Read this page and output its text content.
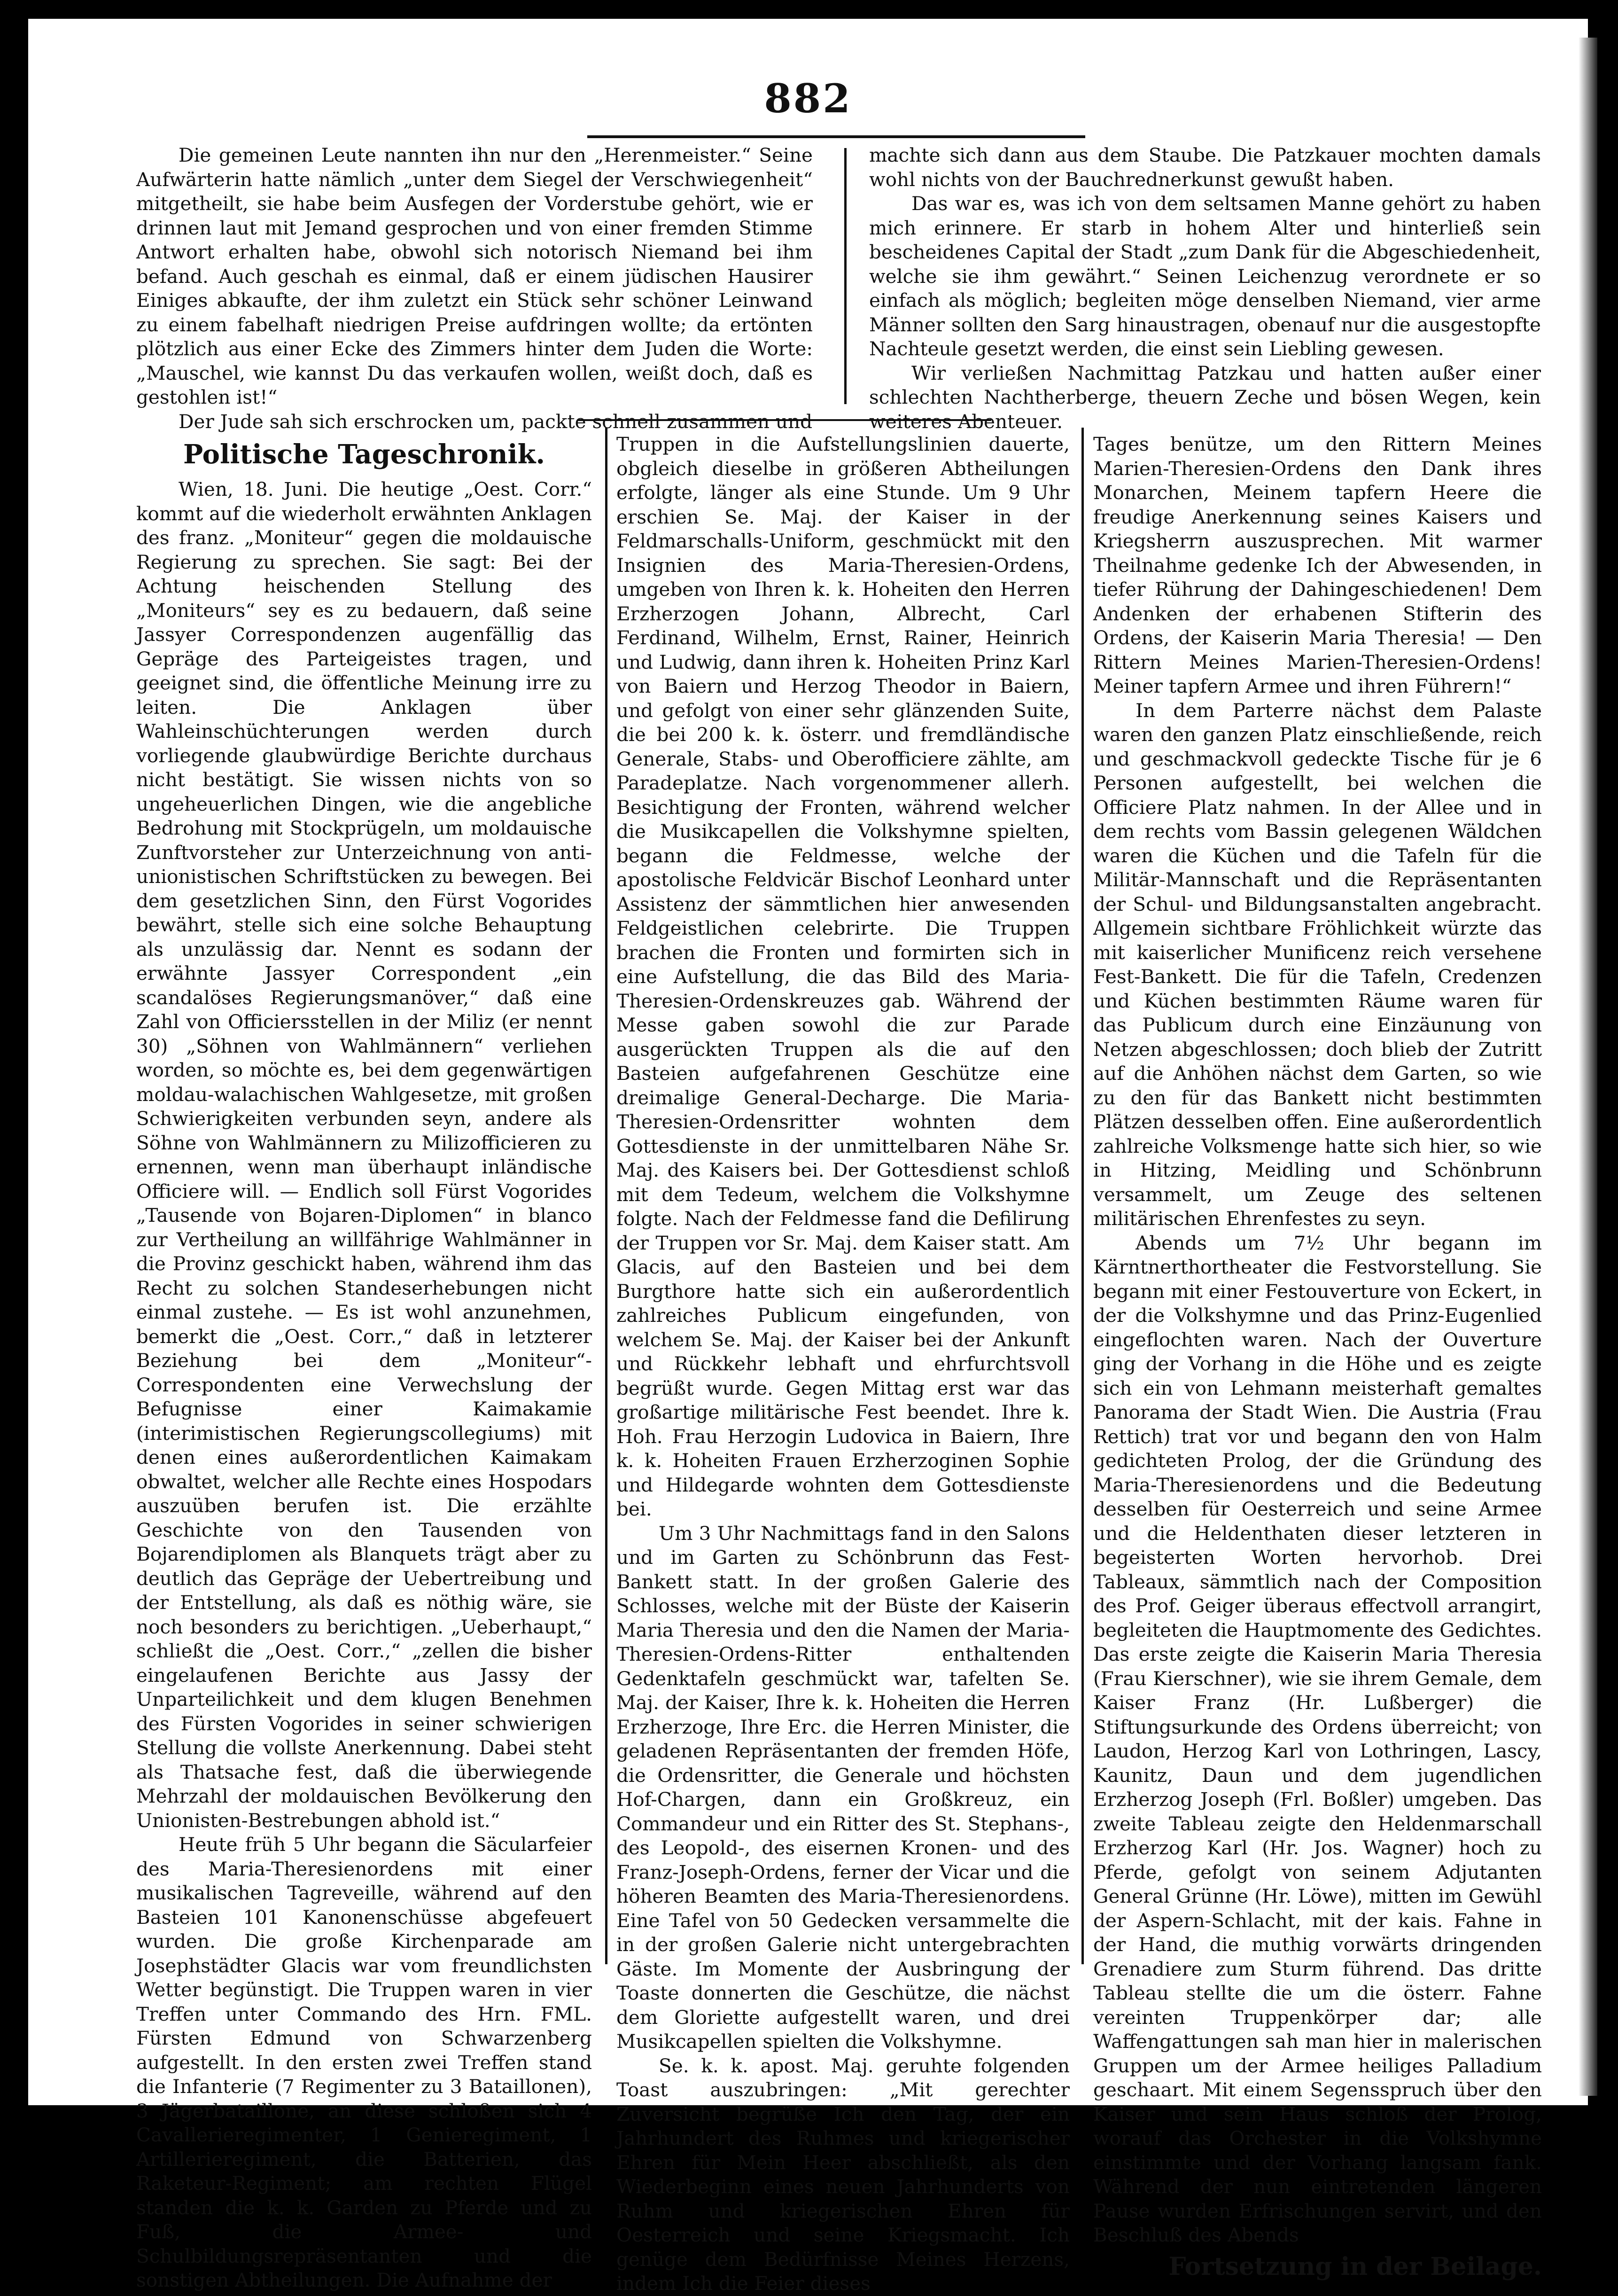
882

Die gemeinen Leute nannten ihn nur den „Herenmeister.“ Seine Aufwärterin hatte nämlich „unter dem Siegel der Verschwiegenheit“ mitgetheilt, sie habe beim Ausfegen der Vorderstube gehört, wie er drinnen laut mit Jemand gesprochen und von einer fremden Stimme Antwort erhalten habe, obwohl sich notorisch Niemand bei ihm befand. Auch geschah es einmal, daß er einem jüdischen Hausirer Einiges abkaufte, der ihm zuletzt ein Stück sehr schöner Leinwand zu einem fabelhaft niedrigen Preise aufdringen wollte; da ertönten plötzlich aus einer Ecke des Zimmers hinter dem Juden die Worte: „Mauschel, wie kannst Du das verkaufen wollen, weißt doch, daß es gestohlen ist!“

Der Jude sah sich erschrocken um, packte schnell zusammen und

machte sich dann aus dem Staube. Die Patzkauer mochten damals wohl nichts von der Bauchrednerkunst gewußt haben.

Das war es, was ich von dem seltsamen Manne gehört zu haben mich erinnere. Er starb in hohem Alter und hinterließ sein bescheidenes Capital der Stadt „zum Dank für die Abgeschiedenheit, welche sie ihm gewährt.“ Seinen Leichenzug verordnete er so einfach als möglich; begleiten möge denselben Niemand, vier arme Männer sollten den Sarg hinaustragen, obenauf nur die ausgestopfte Nachteule gesetzt werden, die einst sein Liebling gewesen.

Wir verließen Nachmittag Patzkau und hatten außer einer schlechten Nachtherberge, theuern Zeche und bösen Wegen, kein weiteres Abenteuer.

Politische Tageschronik.

Wien, 18. Juni. Die heutige „Oest. Corr.“ kommt auf die wiederholt erwähnten Anklagen des franz. „Moniteur“ gegen die moldauische Regierung zu sprechen. Sie sagt: Bei der Achtung heischenden Stellung des „Moniteurs“ sey es zu bedauern, daß seine Jassyer Correspondenzen augenfällig das Gepräge des Parteigeistes tragen, und geeignet sind, die öffentliche Meinung irre zu leiten. Die Anklagen über Wahleinschüchterungen werden durch vorliegende glaubwürdige Berichte durchaus nicht bestätigt. Sie wissen nichts von so ungeheuerlichen Dingen, wie die angebliche Bedrohung mit Stockprügeln, um moldauische Zunftvorsteher zur Unterzeichnung von anti-unionistischen Schriftstücken zu bewegen. Bei dem gesetzlichen Sinn, den Fürst Vogorides bewährt, stelle sich eine solche Behauptung als unzulässig dar. Nennt es sodann der erwähnte Jassyer Correspondent „ein scandalöses Regierungsmanöver,“ daß eine Zahl von Officiersstellen in der Miliz (er nennt 30) „Söhnen von Wahlmännern“ verliehen worden, so möchte es, bei dem gegenwärtigen moldau-walachischen Wahlgesetze, mit großen Schwierigkeiten verbunden seyn, andere als Söhne von Wahlmännern zu Milizofficieren zu ernennen, wenn man überhaupt inländische Officiere will. — Endlich soll Fürst Vogorides „Tausende von Bojaren-Diplomen“ in blanco zur Vertheilung an willfährige Wahlmänner in die Provinz geschickt haben, während ihm das Recht zu solchen Standeserhebungen nicht einmal zustehe. — Es ist wohl anzunehmen, bemerkt die „Oest. Corr.,“ daß in letzterer Beziehung bei dem „Moniteur“-Correspondenten eine Verwechslung der Befugnisse einer Kaimakamie (interimistischen Regierungscollegiums) mit denen eines außerordentlichen Kaimakam obwaltet, welcher alle Rechte eines Hospodars auszuüben berufen ist. Die erzählte Geschichte von den Tausenden von Bojarendiplomen als Blanquets trägt aber zu deutlich das Gepräge der Uebertreibung und der Entstellung, als daß es nöthig wäre, sie noch besonders zu berichtigen. „Ueberhaupt,“ schließt die „Oest. Corr.,“ „zellen die bisher eingelaufenen Berichte aus Jassy der Unparteilichkeit und dem klugen Benehmen des Fürsten Vogorides in seiner schwierigen Stellung die vollste Anerkennung. Dabei steht als Thatsache fest, daß die überwiegende Mehrzahl der moldauischen Bevölkerung den Unionisten-Bestrebungen abhold ist.“

Heute früh 5 Uhr begann die Säcularfeier des Maria-Theresienordens mit einer musikalischen Tagreveille, während auf den Basteien 101 Kanonenschüsse abgefeuert wurden. Die große Kirchenparade am Josephstädter Glacis war vom freundlichsten Wetter begünstigt. Die Truppen waren in vier Treffen unter Commando des Hrn. FML. Fürsten Edmund von Schwarzenberg aufgestellt. In den ersten zwei Treffen stand die Infanterie (7 Regimenter zu 3 Bataillonen), 3 Jägerbataillone, an diese schloßen sich 4 Cavallerieregimenter, 1 Genieregiment, 1 Artillerieregiment, die Batterien, das Raketeur-Regiment; am rechten Flügel standen die k. k. Garden zu Pferde und zu Fuß, die Armee- und Schulbildungsrepräsentanten und die sonstigen Abtheilungen. Die Aufnahme der

Truppen in die Aufstellungslinien dauerte, obgleich dieselbe in größeren Abtheilungen erfolgte, länger als eine Stunde. Um 9 Uhr erschien Se. Maj. der Kaiser in der Feldmarschalls-Uniform, geschmückt mit den Insignien des Maria-Theresien-Ordens, umgeben von Ihren k. k. Hoheiten den Herren Erzherzogen Johann, Albrecht, Carl Ferdinand, Wilhelm, Ernst, Rainer, Heinrich und Ludwig, dann ihren k. Hoheiten Prinz Karl von Baiern und Herzog Theodor in Baiern, und gefolgt von einer sehr glänzenden Suite, die bei 200 k. k. österr. und fremdländische Generale, Stabs- und Oberofficiere zählte, am Paradeplatze. Nach vorgenommener allerh. Besichtigung der Fronten, während welcher die Musikcapellen die Volkshymne spielten, begann die Feldmesse, welche der apostolische Feldvicär Bischof Leonhard unter Assistenz der sämmtlichen hier anwesenden Feldgeistlichen celebrirte. Die Truppen brachen die Fronten und formirten sich in eine Aufstellung, die das Bild des Maria-Theresien-Ordenskreuzes gab. Während der Messe gaben sowohl die zur Parade ausgerückten Truppen als die auf den Basteien aufgefahrenen Geschütze eine dreimalige General-Decharge. Die Maria-Theresien-Ordensritter wohnten dem Gottesdienste in der unmittelbaren Nähe Sr. Maj. des Kaisers bei. Der Gottesdienst schloß mit dem Tedeum, welchem die Volkshymne folgte. Nach der Feldmesse fand die Defilirung der Truppen vor Sr. Maj. dem Kaiser statt. Am Glacis, auf den Basteien und bei dem Burgthore hatte sich ein außerordentlich zahlreiches Publicum eingefunden, von welchem Se. Maj. der Kaiser bei der Ankunft und Rückkehr lebhaft und ehrfurchtsvoll begrüßt wurde. Gegen Mittag erst war das großartige militärische Fest beendet. Ihre k. Hoh. Frau Herzogin Ludovica in Baiern, Ihre k. k. Hoheiten Frauen Erzherzoginen Sophie und Hildegarde wohnten dem Gottesdienste bei.

Um 3 Uhr Nachmittags fand in den Salons und im Garten zu Schönbrunn das Fest-Bankett statt. In der großen Galerie des Schlosses, welche mit der Büste der Kaiserin Maria Theresia und den die Namen der Maria-Theresien-Ordens-Ritter enthaltenden Gedenktafeln geschmückt war, tafelten Se. Maj. der Kaiser, Ihre k. k. Hoheiten die Herren Erzherzoge, Ihre Erc. die Herren Minister, die geladenen Repräsentanten der fremden Höfe, die Ordensritter, die Generale und höchsten Hof-Chargen, dann ein Großkreuz, ein Commandeur und ein Ritter des St. Stephans-, des Leopold-, des eisernen Kronen- und des Franz-Joseph-Ordens, ferner der Vicar und die höheren Beamten des Maria-Theresienordens. Eine Tafel von 50 Gedecken versammelte die in der großen Galerie nicht untergebrachten Gäste. Im Momente der Ausbringung der Toaste donnerten die Geschütze, die nächst dem Gloriette aufgestellt waren, und drei Musikcapellen spielten die Volkshymne.

Se. k. k. apost. Maj. geruhte folgenden Toast auszubringen: „Mit gerechter Zuversicht begrüße Ich den Tag, der ein Jahrhundert des Ruhmes und kriegerischer Ehren für Mein Heer abschließt, als den Wiederbeginn eines neuen Jahrhunderts von Ruhm und kriegerischen Ehren für Oesterreich und seine Kriegsmacht. Ich genüge dem Bedürfnisse Meines Herzens, indem Ich die Feier dieses

Tages benütze, um den Rittern Meines Marien-Theresien-Ordens den Dank ihres Monarchen, Meinem tapfern Heere die freudige Anerkennung seines Kaisers und Kriegsherrn auszusprechen. Mit warmer Theilnahme gedenke Ich der Abwesenden, in tiefer Rührung der Dahingeschiedenen! Dem Andenken der erhabenen Stifterin des Ordens, der Kaiserin Maria Theresia! — Den Rittern Meines Marien-Theresien-Ordens! Meiner tapfern Armee und ihren Führern!“

In dem Parterre nächst dem Palaste waren den ganzen Platz einschließende, reich und geschmackvoll gedeckte Tische für je 6 Personen aufgestellt, bei welchen die Officiere Platz nahmen. In der Allee und in dem rechts vom Bassin gelegenen Wäldchen waren die Küchen und die Tafeln für die Militär-Mannschaft und die Repräsentanten der Schul- und Bildungsanstalten angebracht. Allgemein sichtbare Fröhlichkeit würzte das mit kaiserlicher Munificenz reich versehene Fest-Bankett. Die für die Tafeln, Credenzen und Küchen bestimmten Räume waren für das Publicum durch eine Einzäunung von Netzen abgeschlossen; doch blieb der Zutritt auf die Anhöhen nächst dem Garten, so wie zu den für das Bankett nicht bestimmten Plätzen desselben offen. Eine außerordentlich zahlreiche Volksmenge hatte sich hier, so wie in Hitzing, Meidling und Schönbrunn versammelt, um Zeuge des seltenen militärischen Ehrenfestes zu seyn.

Abends um 7½ Uhr begann im Kärntnerthortheater die Festvorstellung. Sie begann mit einer Festouverture von Eckert, in der die Volkshymne und das Prinz-Eugenlied eingeflochten waren. Nach der Ouverture ging der Vorhang in die Höhe und es zeigte sich ein von Lehmann meisterhaft gemaltes Panorama der Stadt Wien. Die Austria (Frau Rettich) trat vor und begann den von Halm gedichteten Prolog, der die Gründung des Maria-Theresienordens und die Bedeutung desselben für Oesterreich und seine Armee und die Heldenthaten dieser letzteren in begeisterten Worten hervorhob. Drei Tableaux, sämmtlich nach der Composition des Prof. Geiger überaus effectvoll arrangirt, begleiteten die Hauptmomente des Gedichtes. Das erste zeigte die Kaiserin Maria Theresia (Frau Kierschner), wie sie ihrem Gemale, dem Kaiser Franz (Hr. Lußberger) die Stiftungsurkunde des Ordens überreicht; von Laudon, Herzog Karl von Lothringen, Lascy, Kaunitz, Daun und dem jugendlichen Erzherzog Joseph (Frl. Boßler) umgeben. Das zweite Tableau zeigte den Heldenmarschall Erzherzog Karl (Hr. Jos. Wagner) hoch zu Pferde, gefolgt von seinem Adjutanten General Grünne (Hr. Löwe), mitten im Gewühl der Aspern-Schlacht, mit der kais. Fahne in der Hand, die muthig vorwärts dringenden Grenadiere zum Sturm führend. Das dritte Tableau stellte die um die österr. Fahne vereinten Truppenkörper dar; alle Waffengattungen sah man hier in malerischen Gruppen um der Armee heiliges Palladium geschaart. Mit einem Segensspruch über den Kaiser und sein Haus schloß der Prolog, worauf das Orchester in die Volkshymne einstimmte und der Vorhang langsam fank. Während der nun eintretenden längeren Pause wurden Erfrischungen servirt, und den Beschluß des Abends

Fortsetzung in der Beilage.
